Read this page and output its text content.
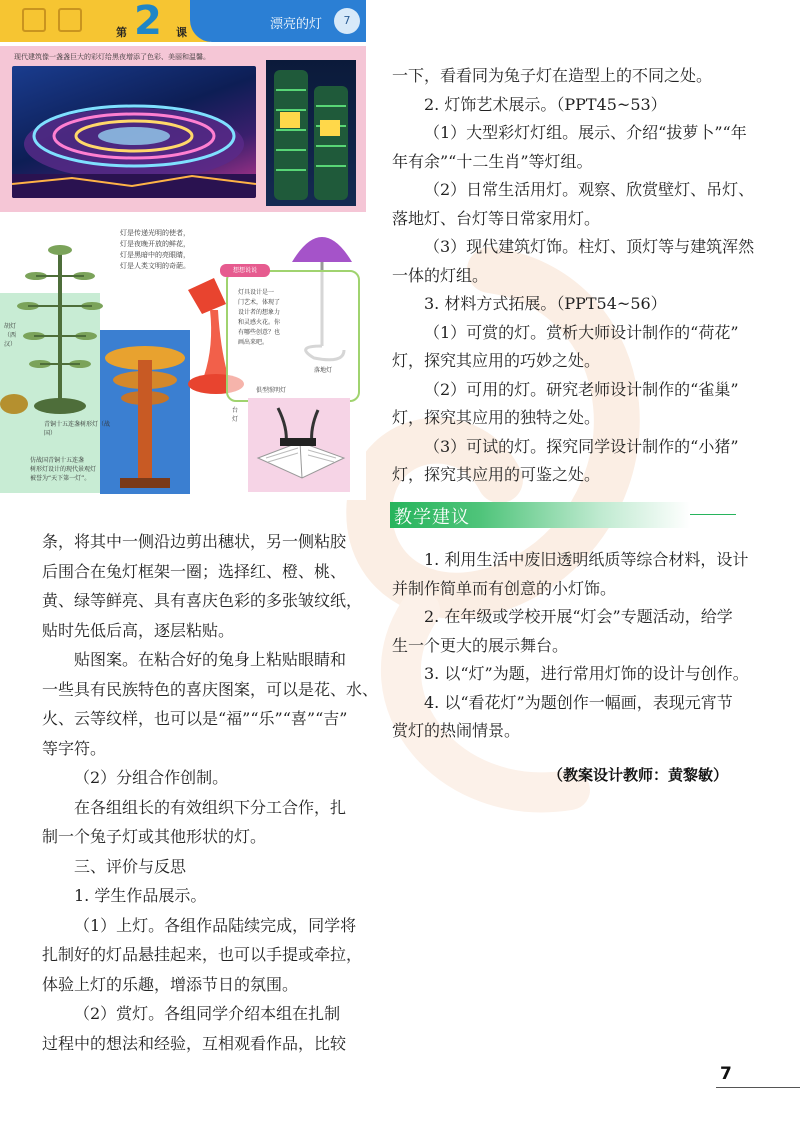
第 2 课
漂亮的灯	7
现代建筑像一盏盏巨大的彩灯给黑夜增添了色彩、美丽和温馨。
想想说说
灯具设计是一
门艺术，体现了
设计者的想象力
和灵感火花。你
有哪些创意？也
画出来吧。
灯是传递光明的使者，
灯是夜晚开放的鲜花，
灯是黑暗中的亮眼睛，
灯是人类文明的奇葩。
胡灯（西汉）
青铜十五连盏树形灯（战国）
仿战国青铜十五连盏
树形灯设计的现代景观灯
被誉为“天下第一灯”。
落地灯
俱型照明灯
台灯

一下，看看同为兔子灯在造型上的不同之处。

2. 灯饰艺术展示。（PPT45~53）

（1）大型彩灯灯组。展示、介绍“拔萝卜”“年

年有余”“十二生肖”等灯组。

（2）日常生活用灯。观察、欣赏壁灯、吊灯、

落地灯、台灯等日常家用灯。

（3）现代建筑灯饰。柱灯、顶灯等与建筑浑然

一体的灯组。

3. 材料方式拓展。（PPT54~56）

（1）可赏的灯。赏析大师设计制作的“荷花”

灯，探究其应用的巧妙之处。

（2）可用的灯。研究老师设计制作的“雀巢”

灯，探究其应用的独特之处。

（3）可试的灯。探究同学设计制作的“小猪”

灯，探究其应用的可鉴之处。

教学建议

1. 利用生活中废旧透明纸质等综合材料，设计

并制作简单而有创意的小灯饰。

2. 在年级或学校开展“灯会”专题活动，给学

生一个更大的展示舞台。

3. 以“灯”为题，进行常用灯饰的设计与创作。

4. 以“看花灯”为题创作一幅画，表现元宵节

赏灯的热闹情景。

（教案设计教师：黄黎敏）

条，将其中一侧沿边剪出穗状，另一侧粘胶

后围合在兔灯框架一圈；选择红、橙、桃、

黄、绿等鲜亮、具有喜庆色彩的多张皱纹纸，

贴时先低后高，逐层粘贴。

贴图案。在粘合好的兔身上粘贴眼睛和

一些具有民族特色的喜庆图案，可以是花、水、

火、云等纹样，也可以是“福”“乐”“喜”“吉”

等字符。

（2）分组合作创制。

在各组组长的有效组织下分工合作，扎

制一个兔子灯或其他形状的灯。

三、评价与反思

1. 学生作品展示。

（1）上灯。各组作品陆续完成，同学将

扎制好的灯品悬挂起来，也可以手提或牵拉，

体验上灯的乐趣，增添节日的氛围。

（2）赏灯。各组同学介绍本组在扎制

过程中的想法和经验，互相观看作品，比较

7
